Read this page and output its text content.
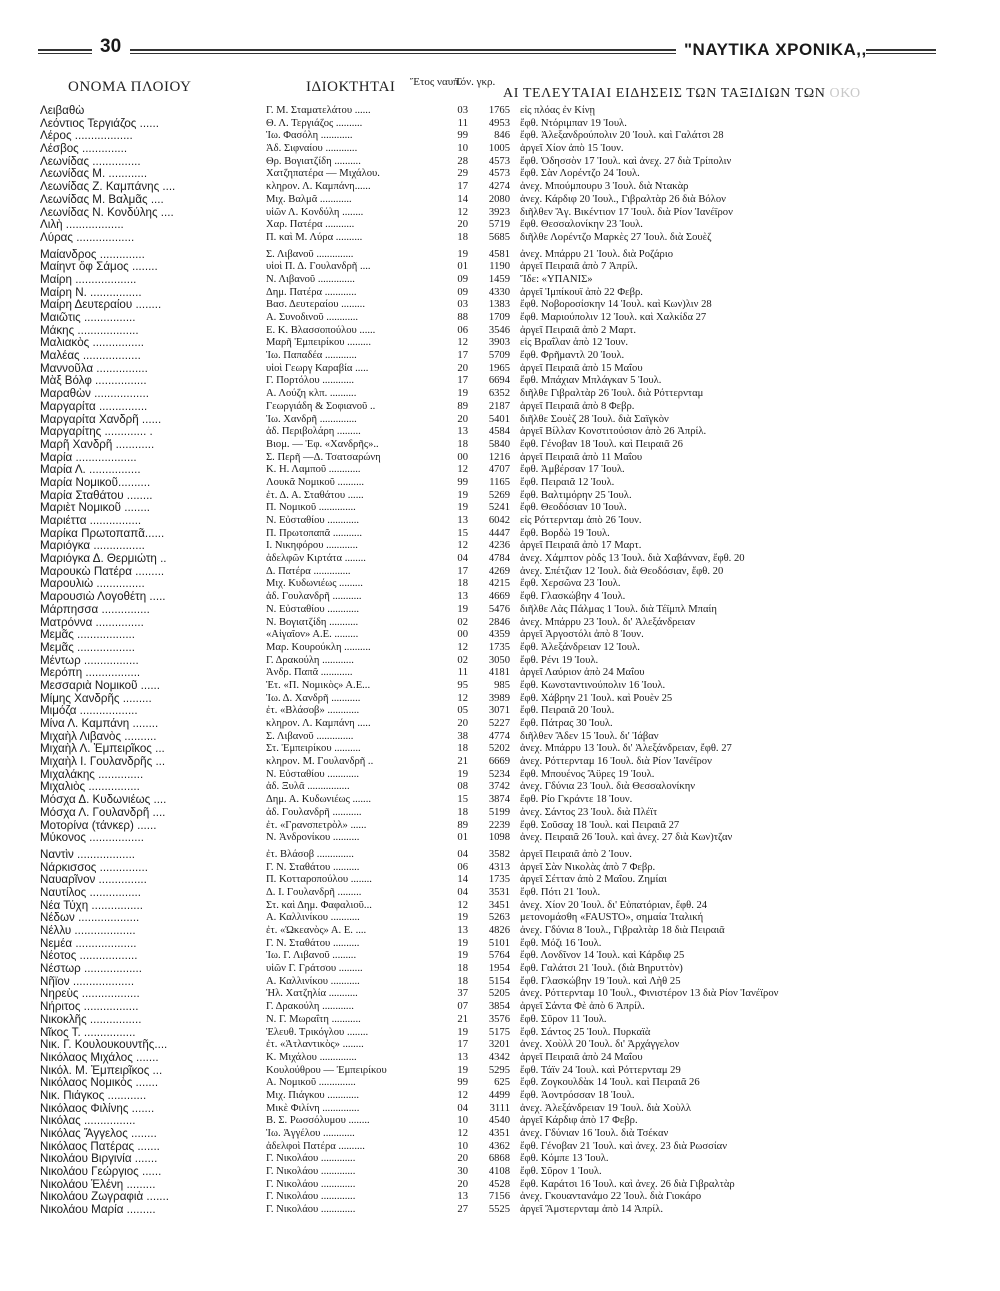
30	"ΝΑΥΤΙΚΑ ΧΡΟΝΙΚΑ,,
ΟΝΟΜΑ ΠΛΟΙΟΥ	ΙΔΙΟΚΤΗΤΑΙ Ἔτος ναυπ.
Τόν. γκρ.
ΑΙ ΤΕΛΕΥΤΑΙΑΙ ΕΙΔΗΣΕΙΣ ΤΩΝ ΤΑΞΙΔΙΩΝ ΤΩΝ ΟΚΟ
Λειβαθὼ	Γ. Μ. Σταματελάτου ......	03	1765 εἰς πλόας ἐν Κίνῃ
Λεόντιος Τεργιάζος ......	Θ. Λ. Τεργιάζος ..........	11	4953 ἔφθ. Ντόριμπαν 19 Ἰουλ.
Λέρος ..................	Ἰω. Φασόλη ............	99	846 ἔφθ. Ἀλεξανδρούπολιν 20 Ἰουλ. καὶ Γαλάτσι 28
Λέσβος ..............	Ἀδ. Σιφναίου ............	10	1005 ἀργεῖ Χίον ἀπὸ 15 Ἰουν.
Λεωνίδας ...............	Θρ. Βογιατζίδη ..........	28	4573 ἔφθ. Ὀδησσὸν 17 Ἰουλ. καὶ ἀνεχ. 27 διὰ Τρίπολιν
Λεωνίδας Μ. ............	Χατζηπατέρα — Μιχάλου.	29	4573 ἔφθ. Σὰν Λορέντζο 24 Ἰουλ.
Λεωνίδας Ζ. Καμπάνης ....	κληρον. Λ. Καμπάνη......	17	4274 ἀνεχ. Μπούμπουρυ 3 Ἰουλ. διὰ Ντακὰρ
Λεωνίδας Μ. Βαλμᾶς ....	Μιχ. Βαλμᾶ ............	14	2080 ἀνεχ. Κάρδιφ 20 Ἰουλ., Γιβραλτὰρ 26 διὰ Βόλον
Λεωνίδας Ν. Κονδύλης ....	υἱῶν Λ. Κονδύλη ........	12	3923 διῆλθεν Ἅγ. Βικέντιον 17 Ἰουλ. διὰ Ρίον Ἰανέϊρον
Λιλὴ ..................	Χαρ. Πατέρα ...........	20	5719 ἔφθ. Θεσσαλονίκην 23 Ἰουλ.
Λύρας ..................	Π. καὶ Μ. Λύρα ..........	18	5685 διῆλθε Λορέντζο Μαρκὲς 27 Ἰουλ. διὰ Σουὲζ
Μαίανδρος ..............	Σ. Λιβανοῦ ..............	19	4581 ἀνεχ. Μπάρρυ 21 Ἰουλ. διὰ Ροζάριο
Μαίηντ ὄφ Σάμος ........	υἱοὶ Π. Δ. Γουλανδρῆ ....	01	1190 ἀργεῖ Πειραιᾶ ἀπὸ 7 Ἀπρίλ.
Μαίρη ...................	Ν. Λιβανοῦ ..............	09	1459 Ἴδε: «ΥΠΑΝΙΣ»
Μαίρη Ν. ................	Δημ. Πατέρα ............	09	4330 ἀργεῖ Ἰμπίκουϊ ἀπὸ 22 Φεβρ.
Μαίρη Δευτεραίου ........	Βασ. Δευτεραίου .........	03	1383 ἔφθ. Νοβοροσίσκην 14 Ἰουλ. καὶ Κων)λιν 28
Μαιῶτις ................	Α. Συνοδινοῦ ............	88	1709 ἔφθ. Μαριούπολιν 12 Ἰουλ. καὶ Χαλκίδα 27
Μάκης ...................	Ε. Κ. Βλασσοπούλου ......	06	3546 ἀργεῖ Πειραιᾶ ἀπὸ 2 Μαρτ.
Μαλιακὸς ................	Μαρῆ Ἐμπειρίκου .........	12	3903 εἰς Βραΐλαν ἀπὸ 12 Ἰουν.
Μαλέας ..................	Ἰω. Παπαδέα ............	17	5709 ἔφθ. Φρῆμαντλ 20 Ἰουλ.
Μαννοῦλα ................	υἱοὶ Γεωργ Καραβία .....	20	1965 ἀργεῖ Πειραιᾶ ἀπὸ 15 Μαΐου
Μὰξ Βόλφ ................	Γ. Πορτόλου ............	17	6694 ἔφθ. Μπάχιαν Μπλάγκαν 5 Ἰουλ.
Μαραθὼν .................	Α. Λούζη κλπ. ..........	19	6352 διῆλθε Γιβραλτὰρ 26 Ἰουλ. διὰ Ρόττερνταμ
Μαργαρίτα ...............	Γεωργιάδη & Σοφιανοῦ ..	89	2187 ἀργεῖ Πειραιᾶ ἀπὸ 8 Φεβρ.
Μαργαρίτα Χανδρῆ ......	Ἰω. Χανδρῆ ..............	20	5401 διῆλθε Σουὲζ 28 Ἰουλ. διὰ Σαϊγκὸν
Μαργαρίτης ............. .	ἀδ. Περιβολάρη .........	13	4584 ἀργεῖ Βίλλαν Κονστιτούσιον ἀπὸ 26 Ἀπρίλ.
Μαρῆ Χανδρῆ ............	Βιομ. — Ἐφ. «Χανδρῆς»..	18	5840 ἔφθ. Γένοβαν 18 Ἰουλ. καὶ Πειραιᾶ 26
Μαρία ...................	Σ. Περῆ —Δ. Τσατσαρώνη	00	1216 ἀργεῖ Πειραιᾶ ἀπὸ 11 Μαΐου
Μαρία Λ. ................	Κ. Η. Λαμποῦ ............	12	4707 ἔφθ. Ἀμβέρσαν 17 Ἰουλ.
Μαρία Νομικοῦ..........	Λουκᾶ Νομικοῦ ..........	99	1165 ἔφθ. Πειραιᾶ 12 Ἰουλ.
Μαρία Σταθάτου ........	ἐτ. Δ. Α. Σταθάτου ......	19	5269 ἔφθ. Βαλτιμόρην 25 Ἰουλ.
Μαριὲτ Νομικοῦ ........	Π. Νομικοῦ ..............	19	5241 ἔφθ. Θεοδόσιαν 10 Ἰουλ.
Μαριέττα ................	Ν. Εὐσταθίου ............	13	6042 εἰς Ρόττερνταμ ἀπὸ 26 Ἰουν.
Μαρίκα Πρωτοπαπᾶ......	Π. Πρωτοπαπᾶ ...........	15	4447 ἔφθ. Βορδὼ 19 Ἰουλ.
Μαριόγκα ................	Ι. Νικηφόρου ............	12	4236 ἀργεῖ Πειραιᾶ ἀπὸ 17 Μαρτ.
Μαριόγκα Δ. Θερμιώτη ..	ἀδελφῶν Κιρτάτα ........	04	4784 ἀνεχ. Χάμπτον ρὸδς 13 Ἰουλ. διὰ Χαβάνναν, ἔφθ. 20
Μαρουκὼ Πατέρα .........	Δ. Πατέρα ..............	17	4269 ἀνεχ. Σπέτζιαν 12 Ἰουλ. διὰ Θεοδόσιαν, ἔφθ. 20
Μαρουλιὼ ...............	Μιχ. Κυδωνιέως .........	18	4215 ἔφθ. Χερσῶνα 23 Ἰουλ.
Μαρουσιὼ Λογοθέτη .....	ἀδ. Γουλανδρῆ ...........	13	4669 ἔφθ. Γλασκώβην 4 Ἰουλ.
Μάρπησσα ...............	Ν. Εὐσταθίου ............	19	5476 διῆλθε Λὰς Πάλμας 1 Ἰουλ. διὰ Τέϊμπλ Μπαίη
Ματρόννα ...............	Ν. Βογιατζίδη ...........	02	2846 ἀνεχ. Μπάρρυ 23 Ἰουλ. δι' Ἀλεξάνδρειαν
Μεμᾶς ..................	«Αἰγαῖον» Α.Ε. .........	00	4359 ἀργεῖ Ἀργοστόλι ἀπὸ 8 Ἰουν.
Μεμᾶς ..................	Μαρ. Κουρούκλη ..........	12	1735 ἔφθ. Ἀλεξάνδρειαν 12 Ἰουλ.
Μέντωρ .................	Γ. Δρακούλη ............	02	3050 ἔφθ. Ρένι 19 Ἰουλ.
Μερόπη .................	Ἀνδρ. Παπᾶ ............	11	4181 ἀργεῖ Λαύριον ἀπὸ 24 Μαΐου
Μεσσαριὰ Νομικοῦ ......	Ἐτ. «Π. Νομικὸς» Α.Ε...	95	985 ἔφθ. Κωνσταντινούπολιν 16 Ἰουλ.
Μίμης Χανδρῆς .........	Ἰω. Δ. Χανδρῆ ...........	12	3989 ἔφθ. Χάβρην 21 Ἰουλ. καὶ Ρουὲν 25
Μιμόζα ..................	ἐτ. «Βλάσοβ» ............	05	3071 ἔφθ. Πειραιᾶ 20 Ἰουλ.
Μίνα Λ. Καμπάνη ........	κληρον. Λ. Καμπάνη .....	20	5227 ἔφθ. Πάτρας 30 Ἰουλ.
Μιχαὴλ Λιβανὸς ..........	Σ. Λιβανοῦ ..............	38	4774 διῆλθεν Ἄδεν 15 Ἰουλ. δι' Ἰάβαν
Μιχαὴλ Λ. Ἐμπειρῖκος ...	Στ. Ἐμπειρίκου ..........	18	5202 ἀνεχ. Μπάρρυ 13 Ἰουλ. δι' Ἀλεξάνδρειαν, ἔφθ. 27
Μιχαὴλ Ι. Γουλανδρῆς ...	κληρον. Μ. Γουλανδρῆ ..	21	6669 ἀνεχ. Ρόττερνταμ 16 Ἰουλ. διὰ Ρίον Ἰανέϊρον
Μιχαλάκης ..............	Ν. Εὐσταθίου ............	19	5234 ἔφθ. Μπουένος Ἄϋρες 19 Ἰουλ.
Μιχαλιὸς ................	ἀδ. Ξυλᾶ ................	08	3742 ἀνεχ. Γδύνια 23 Ἰουλ. διὰ Θεσσαλονίκην
Μόσχα Δ. Κυδωνιέως ....	Δημ. Α. Κυδωνιέως .......	15	3874 ἔφθ. Ρίο Γκράντε 18 Ἰουν.
Μόσχα Λ. Γουλανδρῆ ....	ἀδ. Γουλανδρῆ ...........	18	5199 ἀνεχ. Σάντος 23 Ἰουλ. διὰ Πλέϊτ
Μοτορίνα (τάνκερ) ......	ἐτ. «Γρανσπετρὸλ» ......	89	2239 ἔφθ. Σοῦσαχ 18 Ἰουλ. καὶ Πειραιᾶ 27
Μύκονος .................	Ν. Ἀνδρονίκου ..........	01	1098 ἀνεχ. Πειραιᾶ 26 Ἰουλ. καὶ ἀνεχ. 27 διὰ Κων)τζαν
Ναντὶν ..................	ἐτ. Βλάσοβ ..............	04	3582 ἀργεῖ Πειραιᾶ ἀπὸ 2 Ἰουν.
Νάρκισσος ...............	Γ. Ν. Σταθάτου ..........	06	4313 ἀργεῖ Σὰν Νικολὰς ἀπὸ 7 Φεβρ.
Ναυαρῖνον ...............	Π. Κοτταροπούλου ........	14	1735 ἀργεῖ Σέτταν ἀπὸ 2 Μαΐου. Ζημίαι
Ναυτίλος ................	Δ. Ι. Γουλανδρῆ .........	04	3531 ἔφθ. Πότι 21 Ἰουλ.
Νέα Τύχη ................	Στ. καὶ Δημ. Φαφαλιοῦ...	12	3451 ἀνεχ. Χίον 20 Ἰουλ. δι' Εὐπατόριαν, ἔφθ. 24
Νέδων ...................	Α. Καλλινίκου ...........	19	5263 μετονομάσθη «FAUSTO», σημαία Ἰταλική
Νέλλυ ...................	ἐτ. «Ὠκεανὸς» Α. Ε. ....	13	4826 ἀνεχ. Γδύνια 8 Ἰουλ., Γιβραλτὰρ 18 διὰ Πειραιᾶ
Νεμέα ...................	Γ. Ν. Σταθάτου ..........	19	5101 ἔφθ. Μόζι 16 Ἰουλ.
Νέοτος ..................	Ἰω. Γ. Λιβανοῦ .........	19	5764 ἔφθ. Λονδῖνον 14 Ἰουλ. καὶ Κάρδιφ 25
Νέστωρ ..................	υἱῶν Γ. Γράτσου .........	18	1954 ἔφθ. Γαλάτσι 21 Ἰουλ. (διὰ Βηρυττὸν)
Νῆϊον ...................	Α. Καλλινίκου ...........	18	5154 ἔφθ. Γλασκώβην 19 Ἰουλ. καὶ Λὴθ 25
Νηρεὺς ..................	Ἠλ. Χατζηλία ...........	37	5205 ἀνεχ. Ρόττερνταμ 10 Ἰουλ., Φινιστέρον 13 διὰ Ρίον Ἰανέϊρον
Νήριτος .................	Γ. Δρακούλη ............	07	3854 ἀργεῖ Σάντα Φὲ ἀπὸ 6 Ἀπρίλ.
Νικοκλῆς ................	Ν. Γ. Μωραΐτη ...........	21	3576 ἔφθ. Σῦρον 11 Ἰουλ.
Νῖκος Τ. ................	Ἐλευθ. Τρικόγλου ........	19	5175 ἔφθ. Σάντος 25 Ἰουλ. Πυρκαϊὰ
Νικ. Γ. Κουλουκουντῆς....	ἐτ. «Ἀτλαντικὸς» ........	17	3201 ἀνεχ. Χοὺλλ 20 Ἰουλ. δι' Ἀρχάγγελον
Νικόλαος Μιχάλος .......	Κ. Μιχάλου ..............	13	4342 ἀργεῖ Πειραιᾶ ἀπὸ 24 Μαΐου
Νικόλ. Μ. Ἐμπειρῖκος ...	Κουλούθρου — Ἐμπειρίκου	19	5295 ἔφθ. Τάϊν 24 Ἰουλ. καὶ Ρόττερνταμ 29
Νικόλαος Νομικὸς .......	Α. Νομικοῦ ..............	99	625 ἔφθ. Ζογκουλδὰκ 14 Ἰουλ. καὶ Πειραιᾶ 26
Νικ. Πιάγκος ............	Μιχ. Πιάγκου ............	12	4499 ἔφθ. Ἀοντρόσσαν 18 Ἰουλ.
Νικόλαος Φιλίνης .......	Μικὲ Φιλίνη ..............	04	3111 ἀνεχ. Ἀλεξάνδρειαν 19 Ἰουλ. διὰ Χοὺλλ
Νικόλας ................	Β. Σ. Ρωσσόλυμου ........	10	4540 ἀργεῖ Κάρδιφ ἀπὸ 17 Φεβρ.
Νικόλας Ἄγγελος ........	Ἰω. Ἀγγέλου ............	12	4351 ἀνεχ. Γδύνιαν 16 Ἰουλ. διὰ Τσέκαν
Νικόλαος Πατέρας .......	ἀδελφοὶ Πατέρα ..........	10	4362 ἔφθ. Γένοβαν 21 Ἰουλ. καὶ ἀνεχ. 23 διὰ Ρωσσίαν
Νικολάου Βιργινία .......	Γ. Νικολάου .............	20	6868 ἔφθ. Κόμπε 13 Ἰουλ.
Νικολάου Γεώργιος ......	Γ. Νικολάου .............	30	4108 ἔφθ. Σῦρον 1 Ἰουλ.
Νικολάου Ἑλένη .........	Γ. Νικολάου .............	20	4528 ἔφθ. Καράτσι 16 Ἰουλ. καὶ ἀνεχ. 26 διὰ Γιβραλτὰρ
Νικολάου Ζωγραφιὰ .......	Γ. Νικολάου .............	13	7156 ἀνεχ. Γκουαντανάμο 22 Ἰουλ. διὰ Γιοκάρο
Νικολάου Μαρία .........	Γ. Νικολάου .............	27	5525 ἀργεῖ Ἄμστερνταμ ἀπὸ 14 Ἀπρίλ.
